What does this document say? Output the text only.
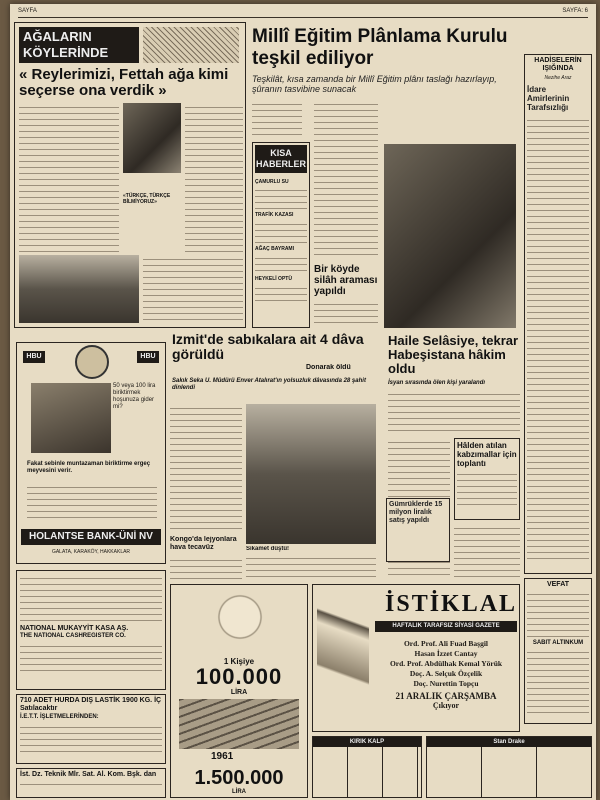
SAYFA	SAYFA: 6
AĞALARIN KÖYLERİNDE
« Reylerimizi, Fettah ağa kimi seçerse ona verdik »
«TÜRKÇE, TÜRKÇE BİLMİYORUZ»
Millî Eğitim Plânlama Kurulu teşkil ediliyor
Teşkilât, kısa zamanda bir Millî Eğitim plânı taslağı hazırlayıp, şûranın tasvibine sunacak
KISA HABERLER
ÇAMURLU SU
TRAFİK KAZASI
AĞAÇ BAYRAMI
HEYKELİ OPTÜ
Bir köyde silâh araması yapıldı
HADİSELERİN IŞIĞINDA
Nezihe Araz
İdare Amirlerinin Tarafsızlığı
HBU	HBU
50 veya 100 lira biriktirmek hoşunuza gider mi?
Fakat sebinle muntazaman biriktirme ergeç meyvesini verir.
HOLANTSE BANK-ÜNİ NV
GALATA, KARAKÖY, HAKKAKLAR
Izmit'de sabıkalara ait 4 dâva görüldü
Sakık Seka U. Müdürü Enver Atalırat'ın yolsuzluk dâvasında 28 şahit dinlendi
Kongo'da lejyonlara hava tecavüz	Sikamet düştü!
Haile Selâsiye, tekrar Habeşistana hâkim oldu
İsyan sırasında ölen kişi yaralandı
Hâlden atılan kabzımallar için toplantı
Donarak öldü
Gümrüklerde 15 milyon liralık satış yapıldı
VEFAT
SABIT ALTINKUM
NATIONAL MUKAYYİT KASA AŞ.
THE NATIONAL CASHREGISTER CO.
710 ADET HURDA DIŞ LASTİK 1900 KG. İÇ Satılacaktır
İ.E.T.T. İŞLETMELERİNDEN:
İst. Dz. Teknik Mlr. Sat. Al. Kom. Bşk. dan
1 Kişiye
100.000
LİRA
1961
1.500.000
LİRA
İSTİKLAL
HAFTALIK TARAFSIZ SİYASİ GAZETE
Ord. Prof. Ali Fuad Başgil
Hasan İzzet Cantay
Ord. Prof. Abdülhak Kemal Yörük
Doç. A. Selçuk Özçelik
Doç. Nurettin Topçu
21 ARALIK ÇARŞAMBA
Çıkıyor
KIRIK KALP	Stan Drake
